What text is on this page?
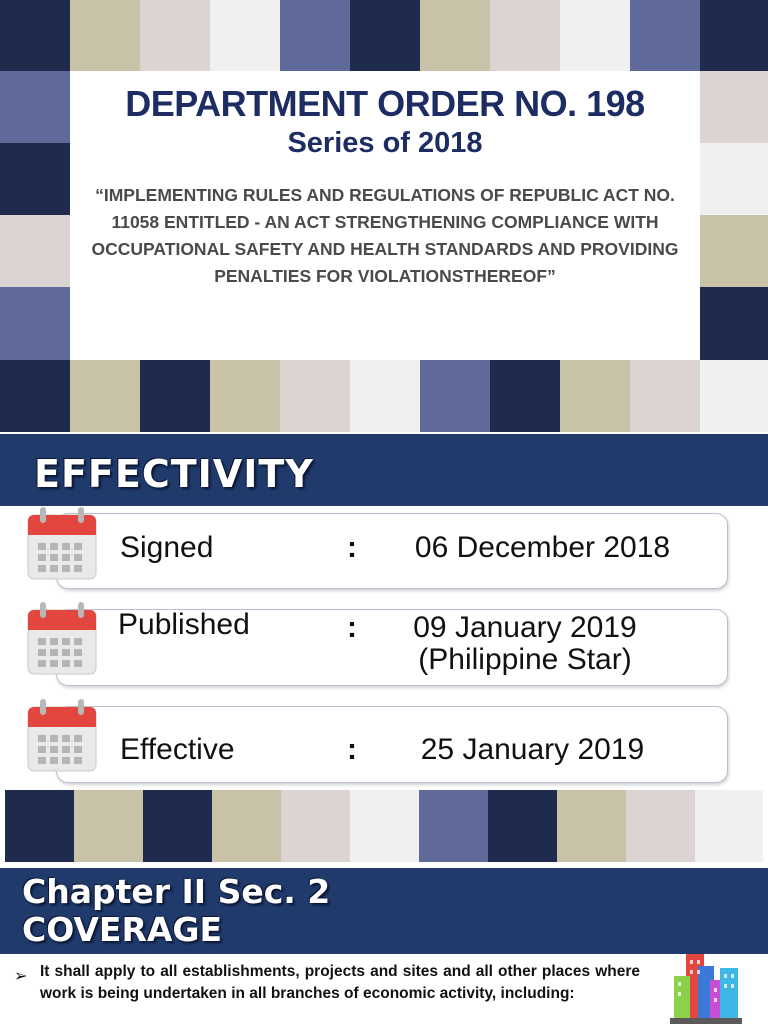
DEPARTMENT ORDER NO. 198
Series of 2018
“IMPLEMENTING RULES AND REGULATIONS OF REPUBLIC ACT NO. 11058 ENTITLED - AN ACT STRENGTHENING COMPLIANCE WITH OCCUPATIONAL SAFETY AND HEALTH STANDARDS AND PROVIDING PENALTIES FOR VIOLATIONSTHEREOF”
EFFECTIVITY
Signed	:	06 December 2018
Published	:	09 January 2019
(Philippine Star)
Effective	:	25 January 2019
Chapter II Sec. 2
COVERAGE
➢ It shall apply to all establishments, projects and sites and all other places where work is being undertaken in all branches of economic activity, including:
